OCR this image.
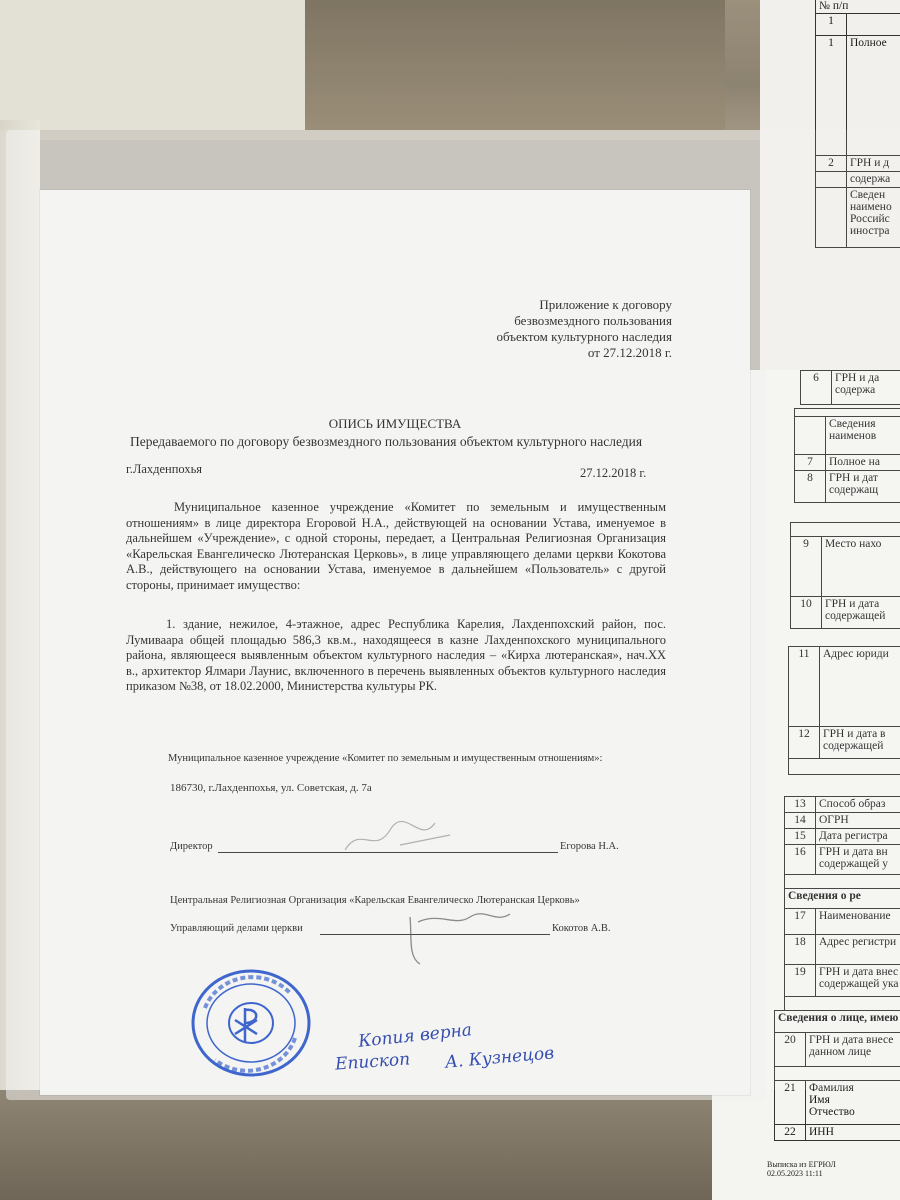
№ п/п	
1	
1	Полное
2	ГРН и д
	содержа

	Сведен
наимено
Российс
иностра
6	ГРН и да
содержа

	Сведения
наименов

7	Полное на
8	ГРН и дат
содержащ

9	Место нахо
10	ГРН и дата
содержащей
11	Адрес юриди
12	ГРН и дата в
содержащей

13	Способ образ
14	ОГРН
15	Дата регистра
16	ГРН и дата вн
содержащей у

Сведения о ре	
17	Наименование
18	Адрес регистри
19	ГРН и дата внес
содержащей ука

Сведения о лице, имею	
20	ГРН и дата внесе
данном лице

21	Фамилия
Имя
Отчество

22	ИНН
Выписка из ЕГРЮЛ
02.05.2023 11:11
Приложение к договору
безвозмездного пользования
объектом культурного наследия
от 27.12.2018 г.
ОПИСЬ ИМУЩЕСТВА
Передаваемого по договору безвозмездного пользования объектом культурного наследия
г.Лахденпохья	27.12.2018 г.
Муниципальное казенное учреждение «Комитет по земельным и имущественным отношениям» в лице директора Егоровой Н.А., действующей на основании Устава, именуемое в дальнейшем «Учреждение», с одной стороны, передает, а Центральная Религиозная Организация «Карельская Евангелическо Лютеранская Церковь», в лице управляющего делами церкви Кокотова А.В., действующего на основании Устава, именуемое в дальнейшем «Пользователь» с другой стороны, принимает имущество:
1. здание, нежилое, 4-этажное, адрес Республика Карелия, Лахденпохский район, пос. Лумиваара общей площадью 586,3 кв.м., находящееся в казне Лахденпохского муниципального района, являющееся выявленным объектом культурного наследия – «Кирха лютеранская», нач.XX в., архитектор Ялмари Лаунис, включенного в перечень выявленных объектов культурного наследия приказом №38, от 18.02.2000, Министерства культуры РК.
Муниципальное казенное учреждение «Комитет по земельным и имущественным отношениям»:
186730, г.Лахденпохья, ул. Советская, д. 7а
Директор	Егорова Н.А.
Центральная Религиозная Организация «Карельская Евангелическо Лютеранская Церковь»
Управляющий делами церкви	Кокотов А.В.
Копия верна
Епископ А. Кузнецов
